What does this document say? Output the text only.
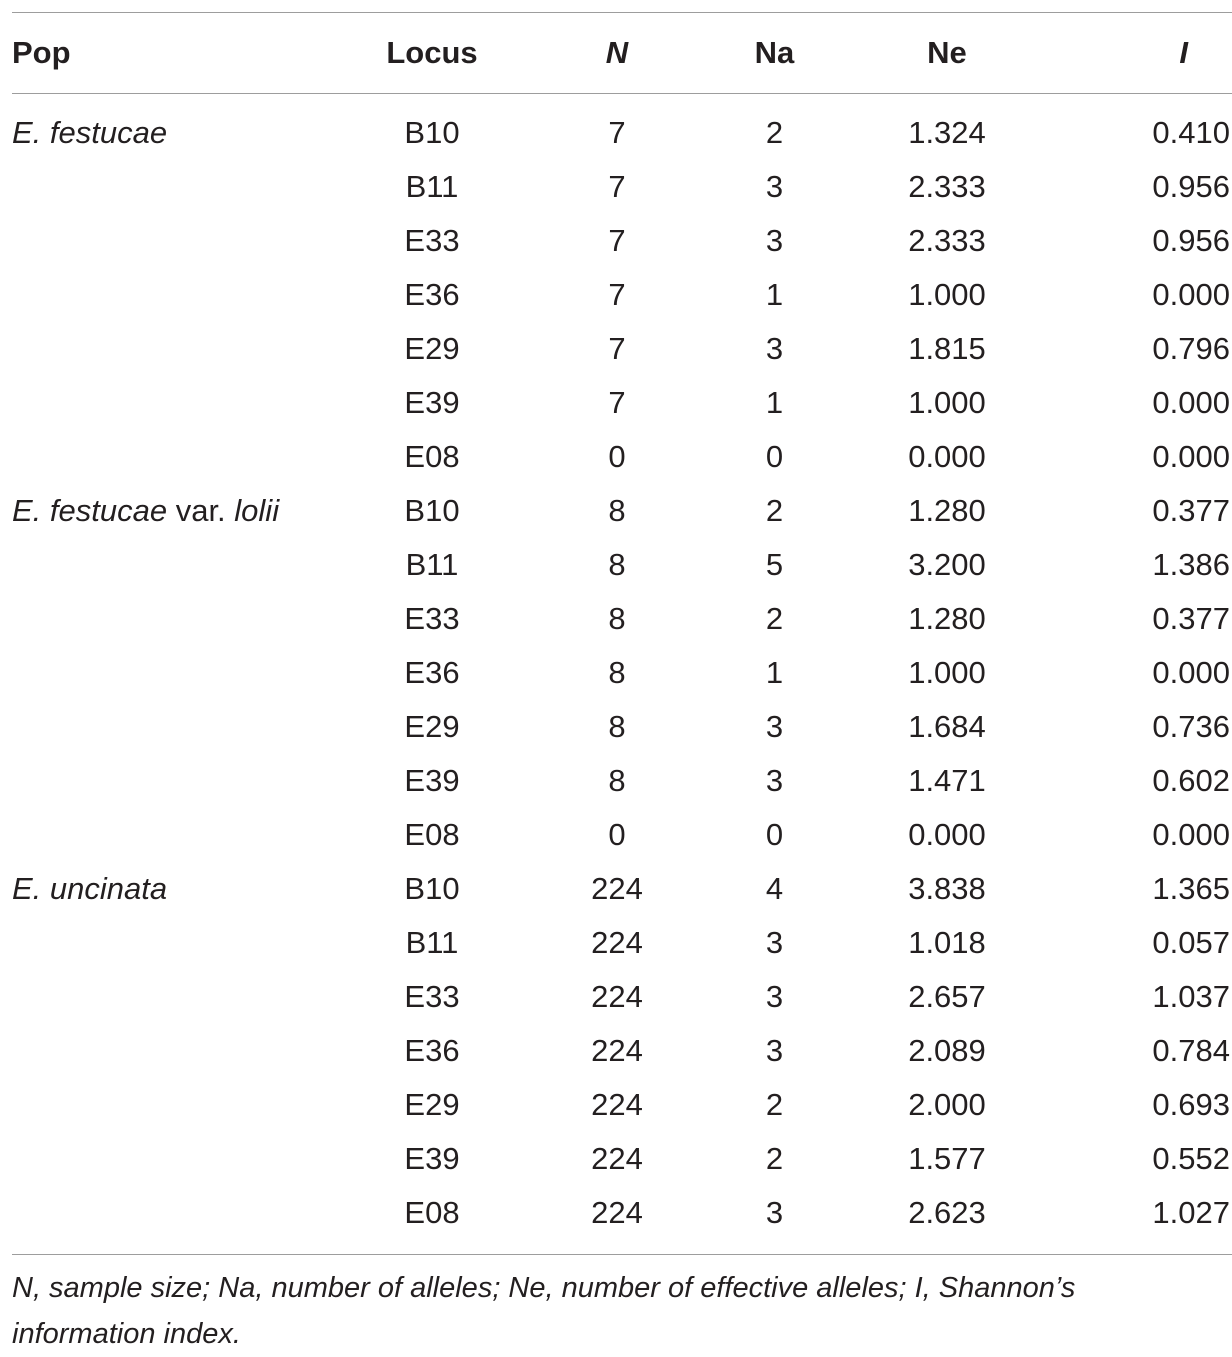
Pop	Locus	N	Na	Ne	I
E. festucae	B10	7	2	1.324	0.410
	B11	7	3	2.333	0.956
	E33	7	3	2.333	0.956
	E36	7	1	1.000	0.000
	E29	7	3	1.815	0.796
	E39	7	1	1.000	0.000
	E08	0	0	0.000	0.000
E. festucae var. lolii	B10	8	2	1.280	0.377
	B11	8	5	3.200	1.386
	E33	8	2	1.280	0.377
	E36	8	1	1.000	0.000
	E29	8	3	1.684	0.736
	E39	8	3	1.471	0.602
	E08	0	0	0.000	0.000
E. uncinata	B10	224	4	3.838	1.365
	B11	224	3	1.018	0.057
	E33	224	3	2.657	1.037
	E36	224	3	2.089	0.784
	E29	224	2	2.000	0.693
	E39	224	2	1.577	0.552
	E08	224	3	2.623	1.027
N, sample size; Na, number of alleles; Ne, number of effective alleles; I, Shannon’s information index.
